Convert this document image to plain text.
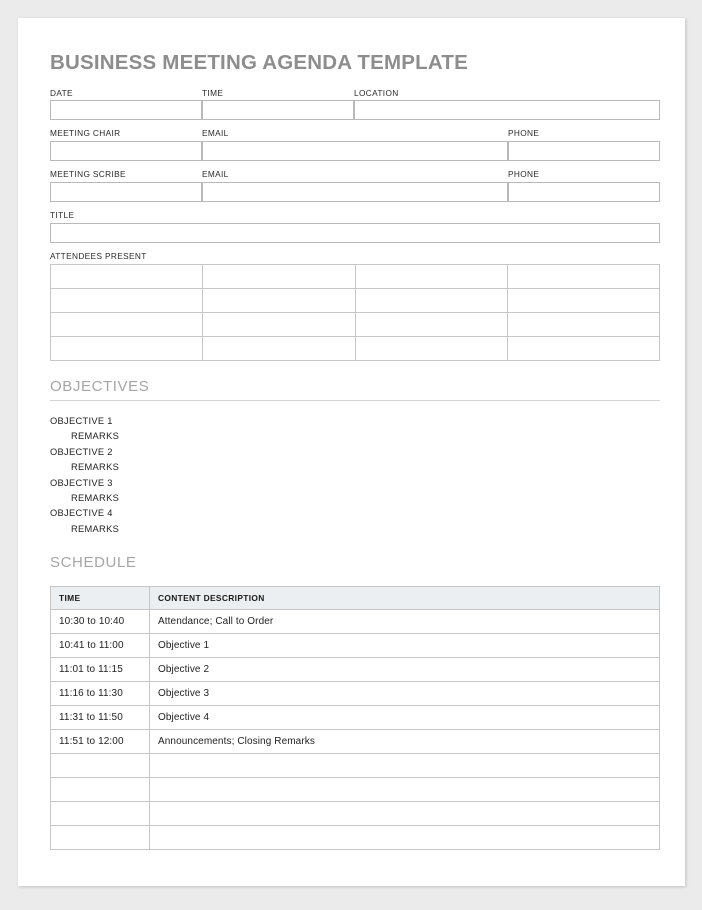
BUSINESS MEETING AGENDA TEMPLATE
DATE	TIME	LOCATION
MEETING CHAIR	EMAIL	PHONE
MEETING SCRIBE	EMAIL	PHONE
TITLE
ATTENDEES PRESENT

OBJECTIVES
OBJECTIVE 1
REMARKS
OBJECTIVE 2
REMARKS
OBJECTIVE 3
REMARKS
OBJECTIVE 4
REMARKS
SCHEDULE
TIME	CONTENT DESCRIPTION
10:30 to 10:40	Attendance; Call to Order
10:41 to 11:00	Objective 1
11:01 to 11:15	Objective 2
11:16 to 11:30	Objective 3
11:31 to 11:50	Objective 4
11:51 to 12:00	Announcements; Closing Remarks
